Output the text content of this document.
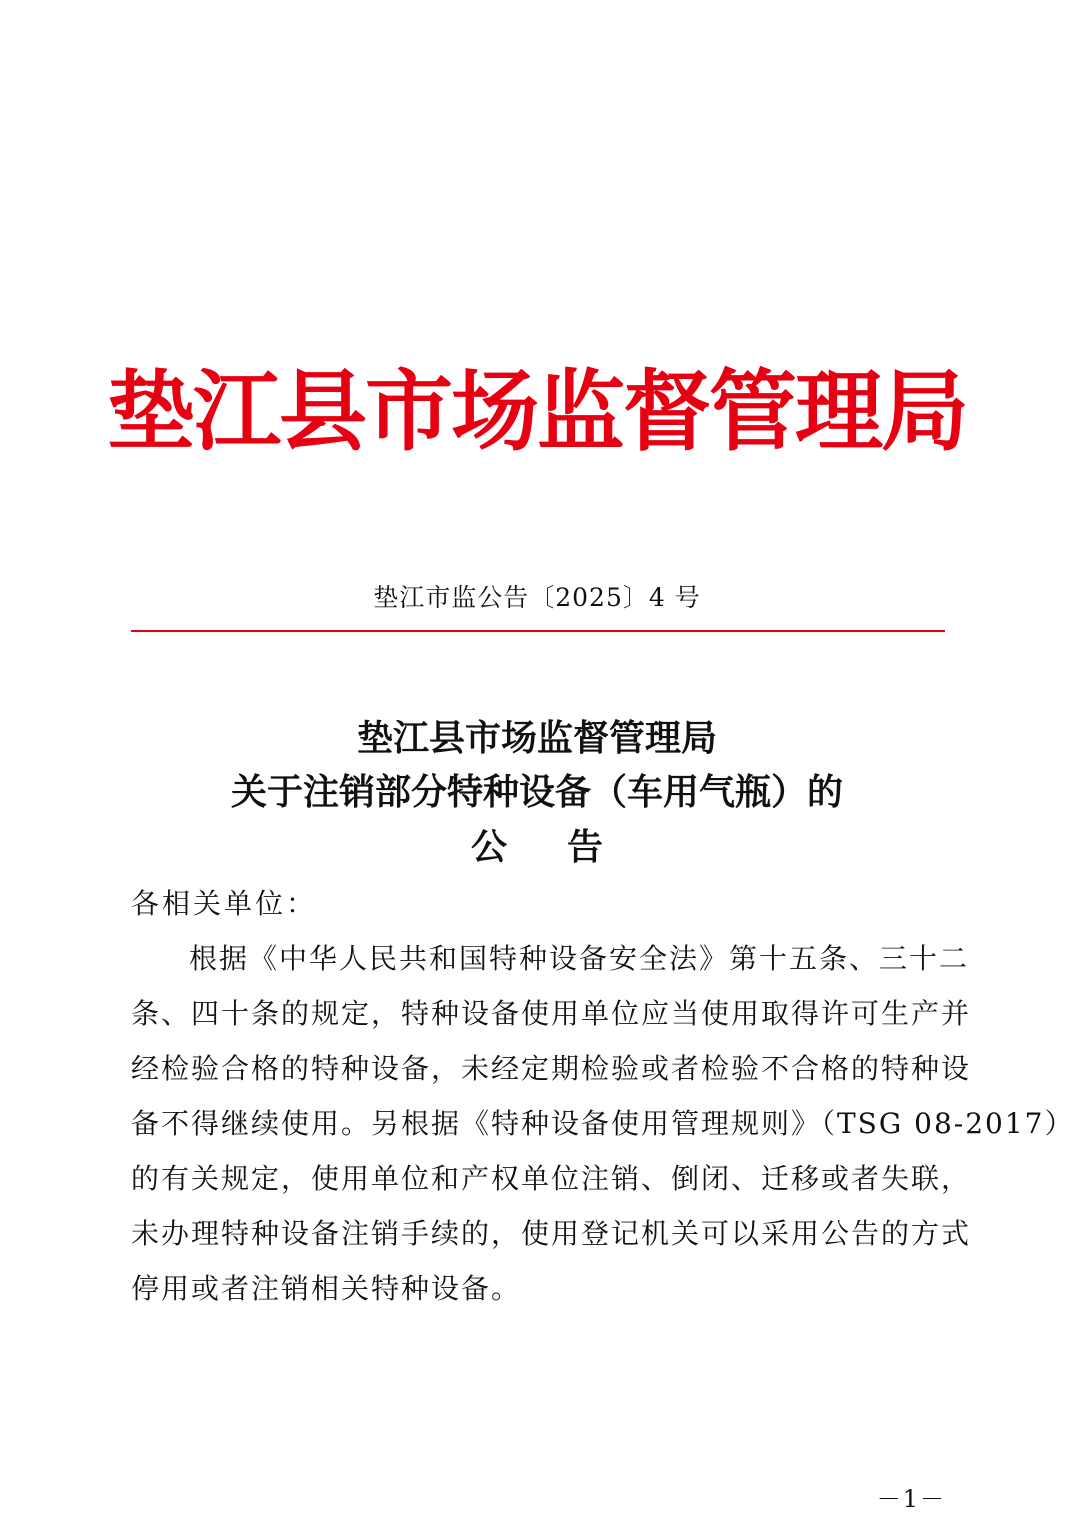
垫江县市场监督管理局
垫江市监公告〔2025〕4 号
垫江县市场监督管理局
关于注销部分特种设备（车用气瓶）的
公告
各相关单位：
根据《中华人民共和国特种设备安全法》第十五条、三十二
条、四十条的规定，特种设备使用单位应当使用取得许可生产并
经检验合格的特种设备，未经定期检验或者检验不合格的特种设
备不得继续使用。另根据《特种设备使用管理规则》（TSG 08-2017）
的有关规定，使用单位和产权单位注销、倒闭、迁移或者失联，
未办理特种设备注销手续的，使用登记机关可以采用公告的方式
停用或者注销相关特种设备。
－1－
